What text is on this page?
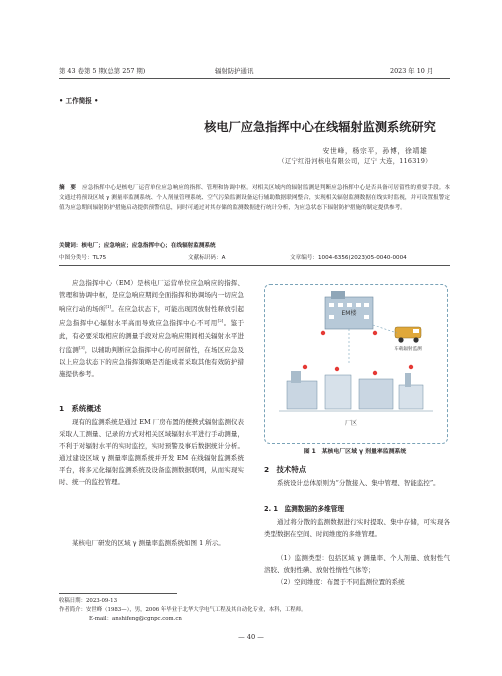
第 43 卷第 5 期(总第 257 期)	辐射防护通讯	2023 年 10 月
• 工作简报 •
核电厂应急指挥中心在线辐射监测系统研究
安世峰，杨宗平，孙博，徐靖雄
（辽宁红沿河核电有限公司，辽宁 大连，116319）
摘　要 应急指挥中心是核电厂运营单位应急响应的指挥、管理和协调中枢。对相关区域内的辐射监测是判断应急指挥中心是否具备可居留性的重要手段。本文通过将预设区域 γ 测量率监测系统、个人剂量管理系统、空气污染监测设备运行辅助数据联网整合，实现相关辐射监测数据在线实时监视，并可设置报警定值为应急期间辐射防护措施启动提供预警信息，同时可通过对其存储的监测数据进行统计分析，为应急状态下辐射防护措施的制定提供参考。
关键词：核电厂；应急响应；应急指挥中心；在线辐射监测系统
中图分类号：TL75	文献标识码：A	文章编号：1004-6356(2023)05-0040-0004
应急指挥中心（EM）是核电厂运营单位应急响应的指挥、管理和协调中枢，是应急响应期间全面指挥和协调场内一切应急响应行动的场所[1]。在应急状态下，可能出现因放射性释放引起应急指挥中心辐射水平高而导致应急指挥中心不可用[2]。鉴于此，有必要采取相应的测量手段对应急响应期间相关辐射水平进行监测[3]，以辅助判断应急指挥中心的可居留性，在场区应急及以上应急状态下的应急指挥策略是否能成者采取其他有效防护措施提供参考。
1　系统概述
现有的监测系统是通过 EM 厂房布置的便携式辐射监测仪表采取人工测量、记录的方式对相关区域辐射水平进行手动测量，不利于对辐射水平的实时监控，实时预警及事后数据统计分析。通过建设区域 γ 测量率监测系统并开发 EM 在线辐射监测系统平台，将多元化辐射监测系统及设备监测数据联网，从而实现实时、统一的监控管理。
某核电厂研发的区域 γ 测量率监测系统如图 1 所示。
EM楼
车载辐射监测
厂区
图 1　某核电厂区域 γ 剂量率监测系统
2　技术特点
系统设计总体原则为“分散接入、集中管理、智能监控”。
2. 1　监测数据的多维管理
通过将分散的监测数据进行实时提取、集中存储，可实现各类型数据在空间、时间维度的多维管理。
（1）监测类型：包括区域 γ 测量率、个人剂量、放射性气溶胶、放射性碘、放射性惰性气体等；
（2）空间维度：布置于不同监测位置的系统
收稿日期：2023-09-13
作者简介：安世峰（1983—），男，2006 年毕业于北华大学电气工程及其自动化专业，本科，工程师。
E-mail：anshifeng@cgnpc.com.cn
— 40 —
